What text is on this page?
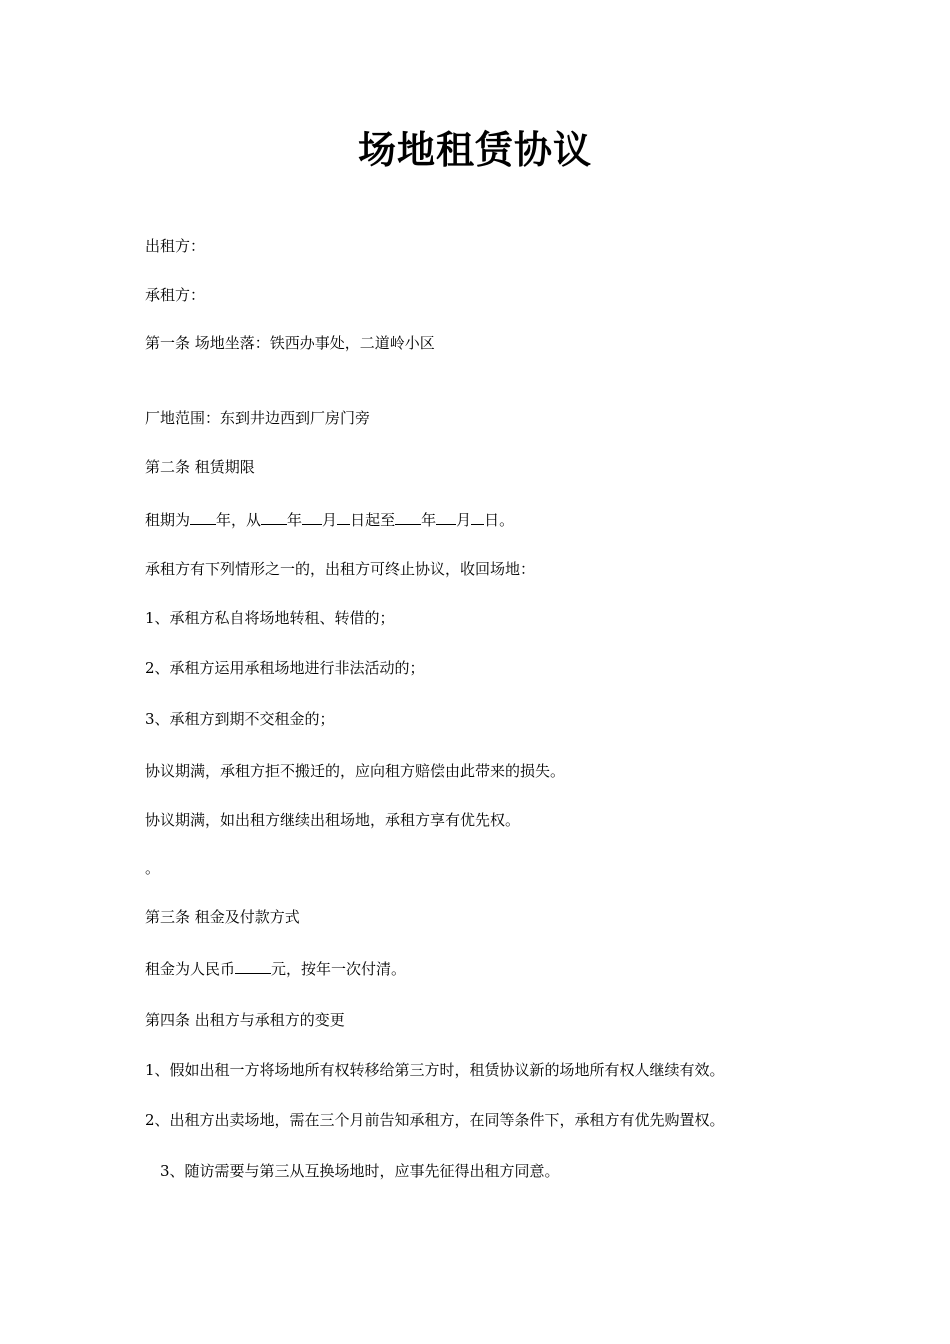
场地租赁协议
出租方：
承租方：
第一条 场地坐落：铁西办事处，二道岭小区
厂地范围：东到井边西到厂房门旁
第二条 租赁期限
租期为 年，从 年 月 日起至 年 月 日。
承租方有下列情形之一的，出租方可终止协议，收回场地：
1、承租方私自将场地转租、转借的；
2、承租方运用承租场地进行非法活动的；
3、承租方到期不交租金的；
协议期满，承租方拒不搬迁的，应向租方赔偿由此带来的损失。
协议期满，如出租方继续出租场地，承租方享有优先权。
。
第三条 租金及付款方式
租金为人民币 元，按年一次付清。
第四条 出租方与承租方的变更
1、假如出租一方将场地所有权转移给第三方时，租赁协议新的场地所有权人继续有效。
2、出租方出卖场地，需在三个月前告知承租方，在同等条件下，承租方有优先购置权。
3、随访需要与第三从互换场地时，应事先征得出租方同意。
